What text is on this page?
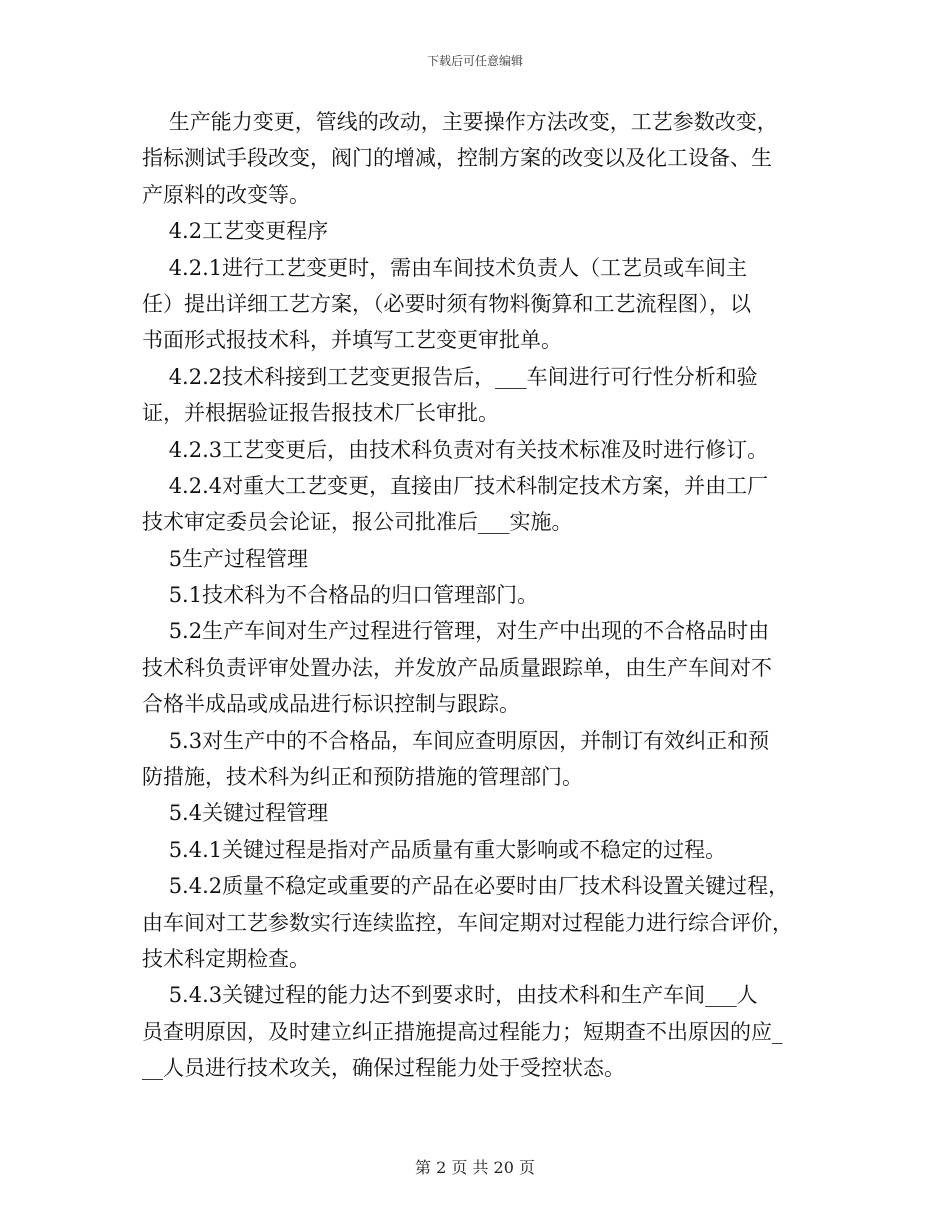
下载后可任意编辑
生产能力变更，管线的改动，主要操作方法改变，工艺参数改变，
指标测试手段改变，阀门的增减，控制方案的改变以及化工设备、生
产原料的改变等。
4.2工艺变更程序
4.2.1进行工艺变更时，需由车间技术负责人（工艺员或车间主
任）提出详细工艺方案，（必要时须有物料衡算和工艺流程图），以
书面形式报技术科，并填写工艺变更审批单。
4.2.2技术科接到工艺变更报告后，___车间进行可行性分析和验
证，并根据验证报告报技术厂长审批。
4.2.3工艺变更后，由技术科负责对有关技术标准及时进行修订。
4.2.4对重大工艺变更，直接由厂技术科制定技术方案，并由工厂
技术审定委员会论证，报公司批准后___实施。
5生产过程管理
5.1技术科为不合格品的归口管理部门。
5.2生产车间对生产过程进行管理，对生产中出现的不合格品时由
技术科负责评审处置办法，并发放产品质量跟踪单，由生产车间对不
合格半成品或成品进行标识控制与跟踪。
5.3对生产中的不合格品，车间应查明原因，并制订有效纠正和预
防措施，技术科为纠正和预防措施的管理部门。
5.4关键过程管理
5.4.1关键过程是指对产品质量有重大影响或不稳定的过程。
5.4.2质量不稳定或重要的产品在必要时由厂技术科设置关键过程，
由车间对工艺参数实行连续监控，车间定期对过程能力进行综合评价，
技术科定期检查。
5.4.3关键过程的能力达不到要求时，由技术科和生产车间___人
员查明原因，及时建立纠正措施提高过程能力；短期查不出原因的应_
__人员进行技术攻关，确保过程能力处于受控状态。
第 2 页 共 20 页
